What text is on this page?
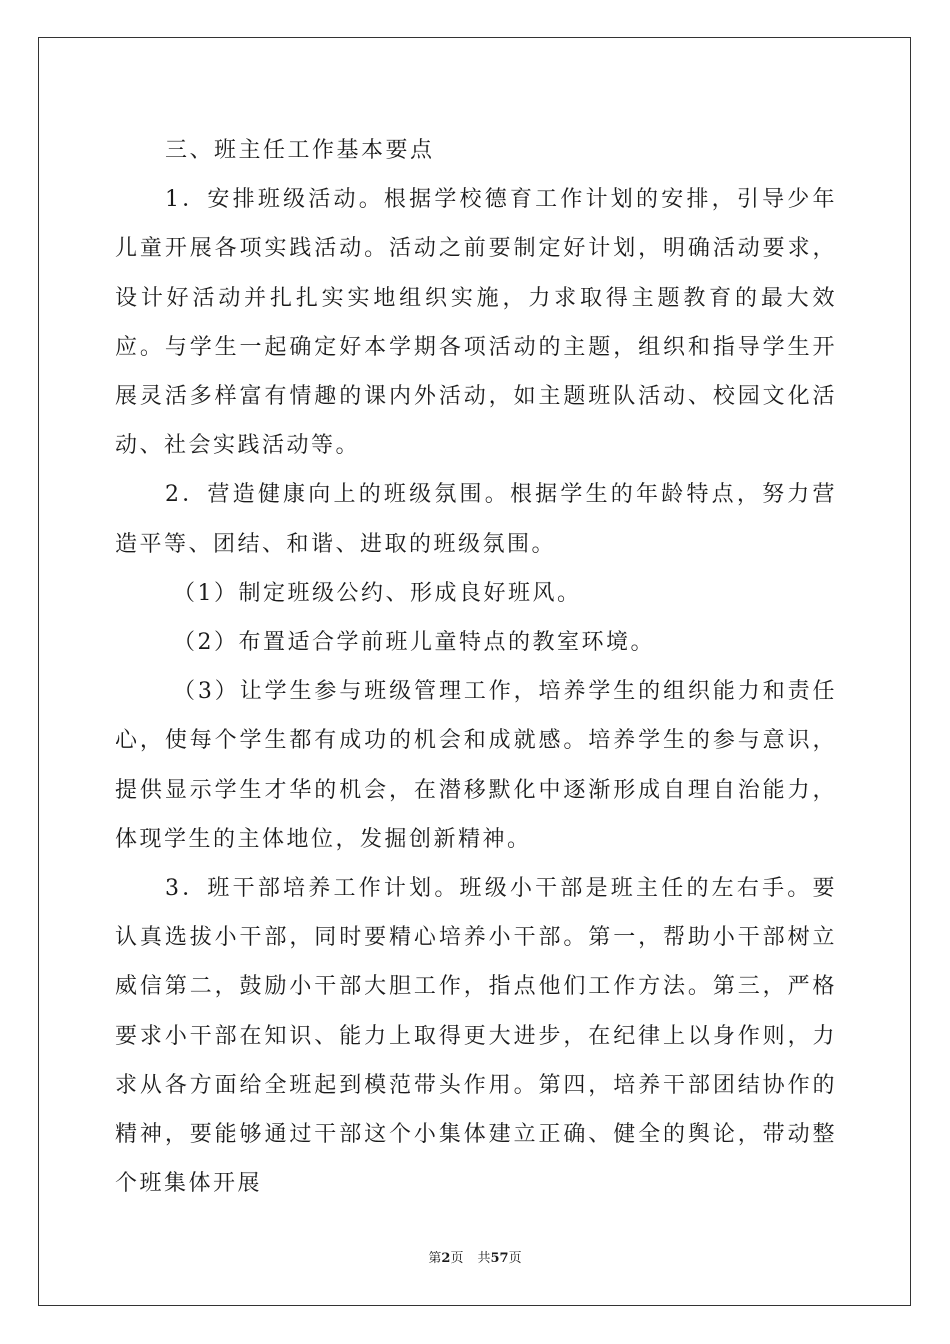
三、班主任工作基本要点

1．安排班级活动。根据学校德育工作计划的安排，引导少年儿童开展各项实践活动。活动之前要制定好计划，明确活动要求，设计好活动并扎扎实实地组织实施，力求取得主题教育的最大效应。与学生一起确定好本学期各项活动的主题，组织和指导学生开展灵活多样富有情趣的课内外活动，如主题班队活动、校园文化活动、社会实践活动等。

2．营造健康向上的班级氛围。根据学生的年龄特点，努力营造平等、团结、和谐、进取的班级氛围。

（1）制定班级公约、形成良好班风。

（2）布置适合学前班儿童特点的教室环境。

（3）让学生参与班级管理工作，培养学生的组织能力和责任心，使每个学生都有成功的机会和成就感。培养学生的参与意识，提供显示学生才华的机会，在潜移默化中逐渐形成自理自治能力，体现学生的主体地位，发掘创新精神。

3．班干部培养工作计划。班级小干部是班主任的左右手。要认真选拔小干部，同时要精心培养小干部。第一，帮助小干部树立威信第二，鼓励小干部大胆工作，指点他们工作方法。第三，严格要求小干部在知识、能力上取得更大进步，在纪律上以身作则，力求从各方面给全班起到模范带头作用。第四，培养干部团结协作的精神，要能够通过干部这个小集体建立正确、健全的舆论，带动整个班集体开展

第2页 共57页
